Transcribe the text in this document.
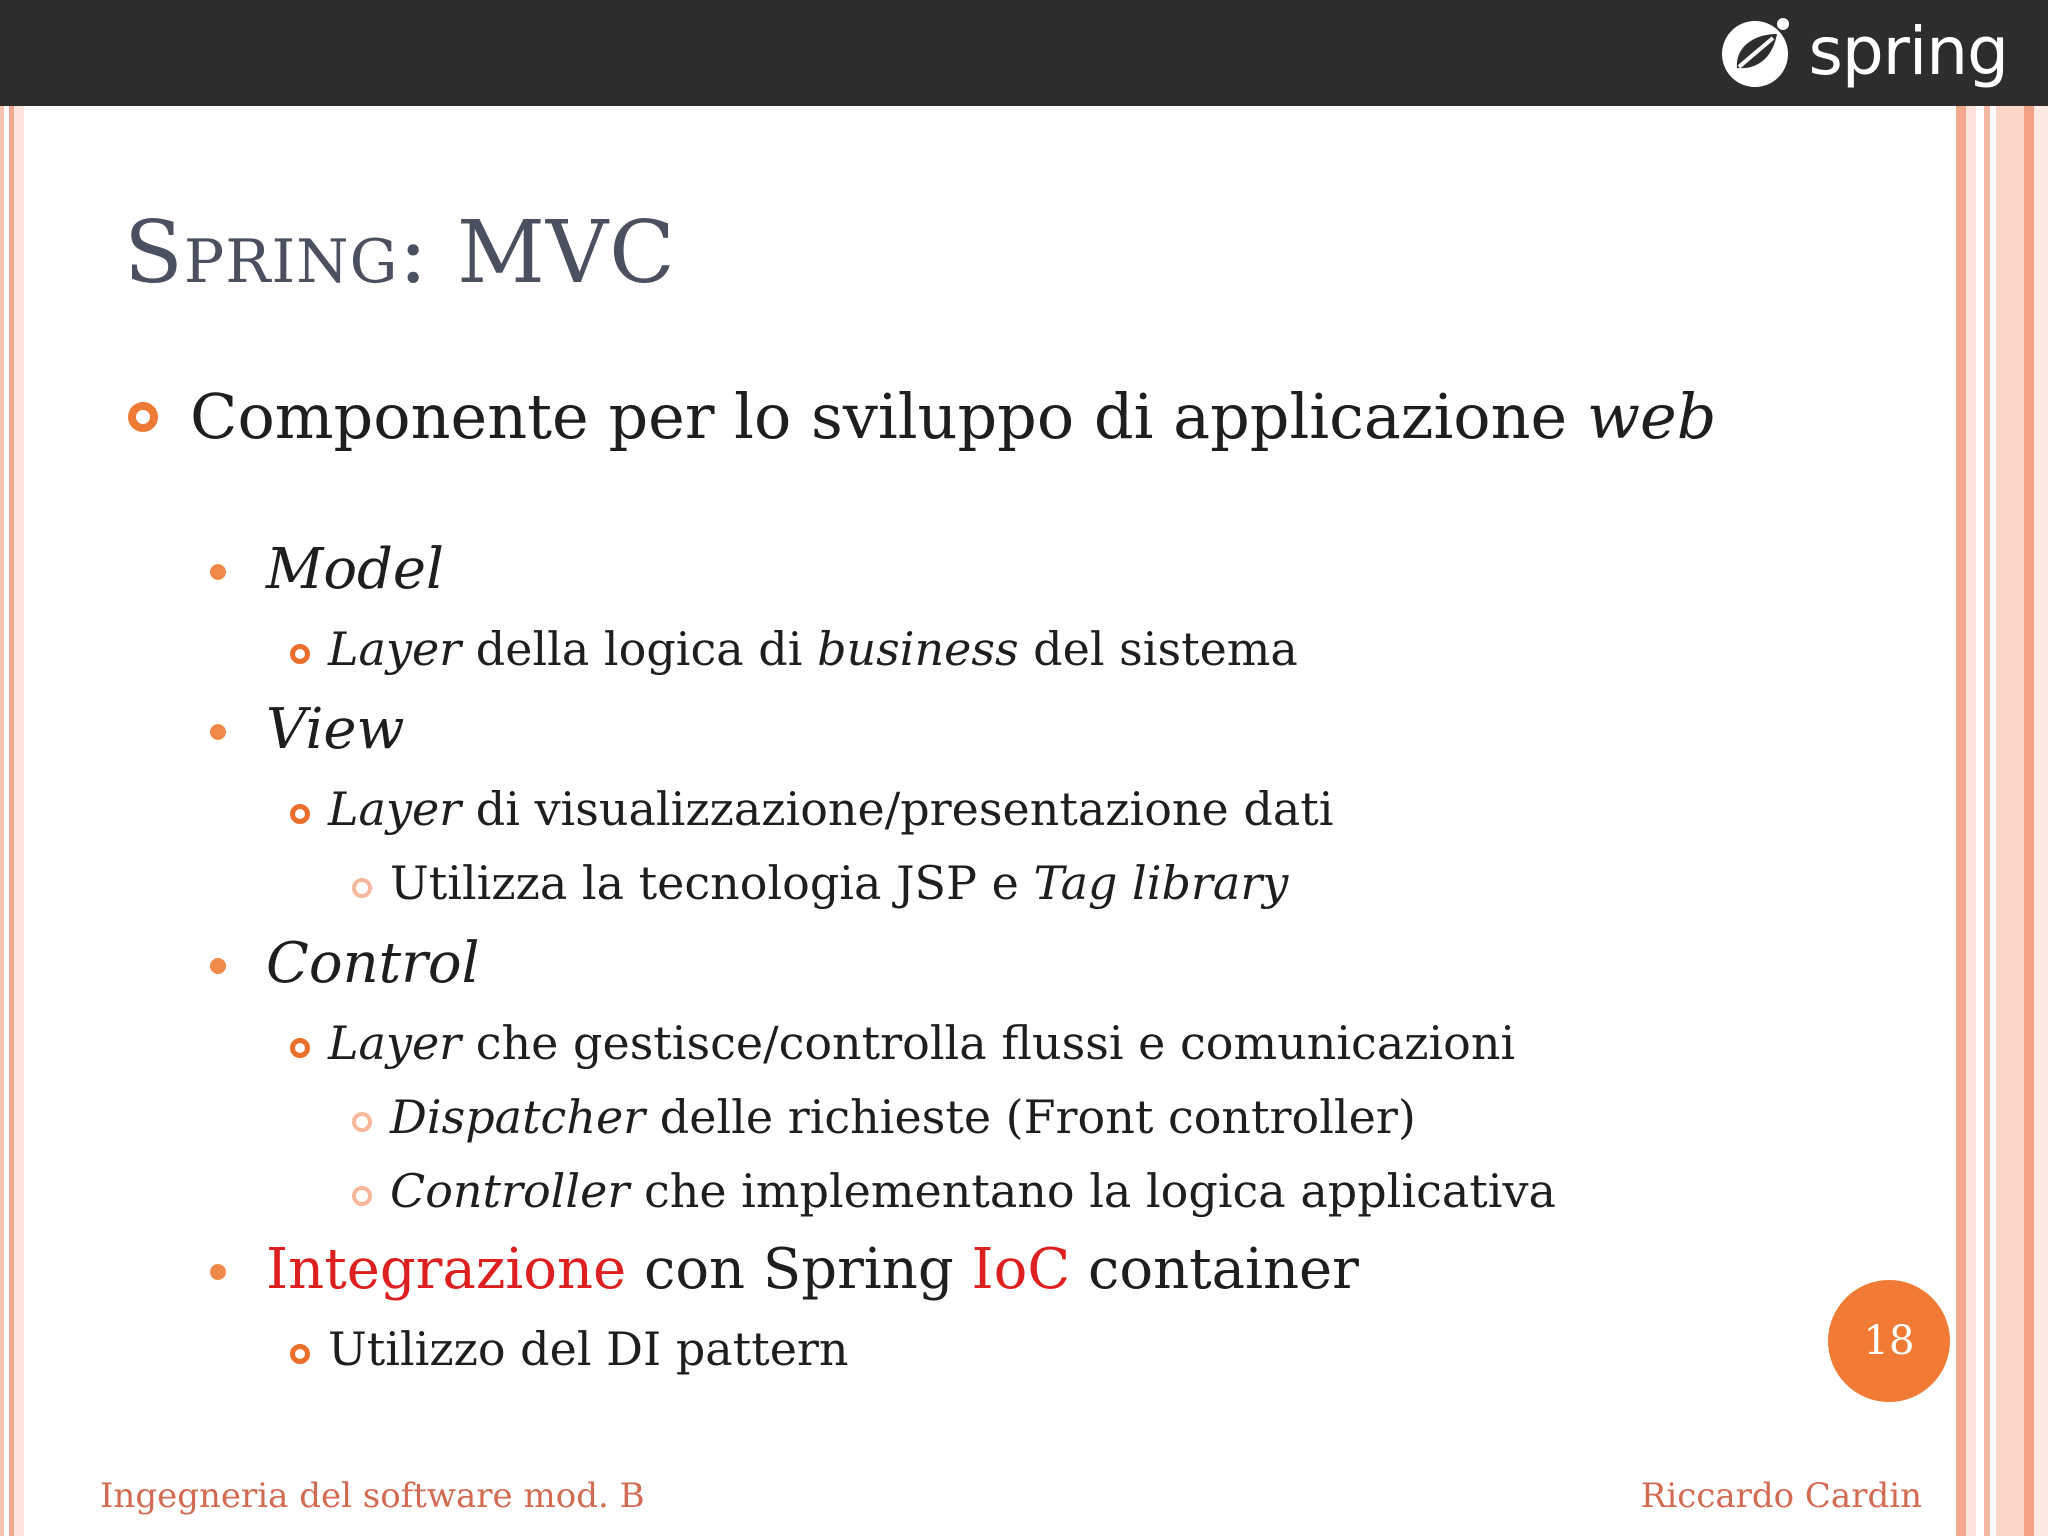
spring
Spring: MVC
Componente per lo sviluppo di applicazione web
Model
Layer della logica di business del sistema
View
Layer di visualizzazione/presentazione dati
Utilizza la tecnologia JSP e Tag library
Control
Layer che gestisce/controlla flussi e comunicazioni
Dispatcher delle richieste (Front controller)
Controller che implementano la logica applicativa
Integrazione con Spring IoC container
Utilizzo del DI pattern	18
Ingegneria del software mod. B	Riccardo Cardin
